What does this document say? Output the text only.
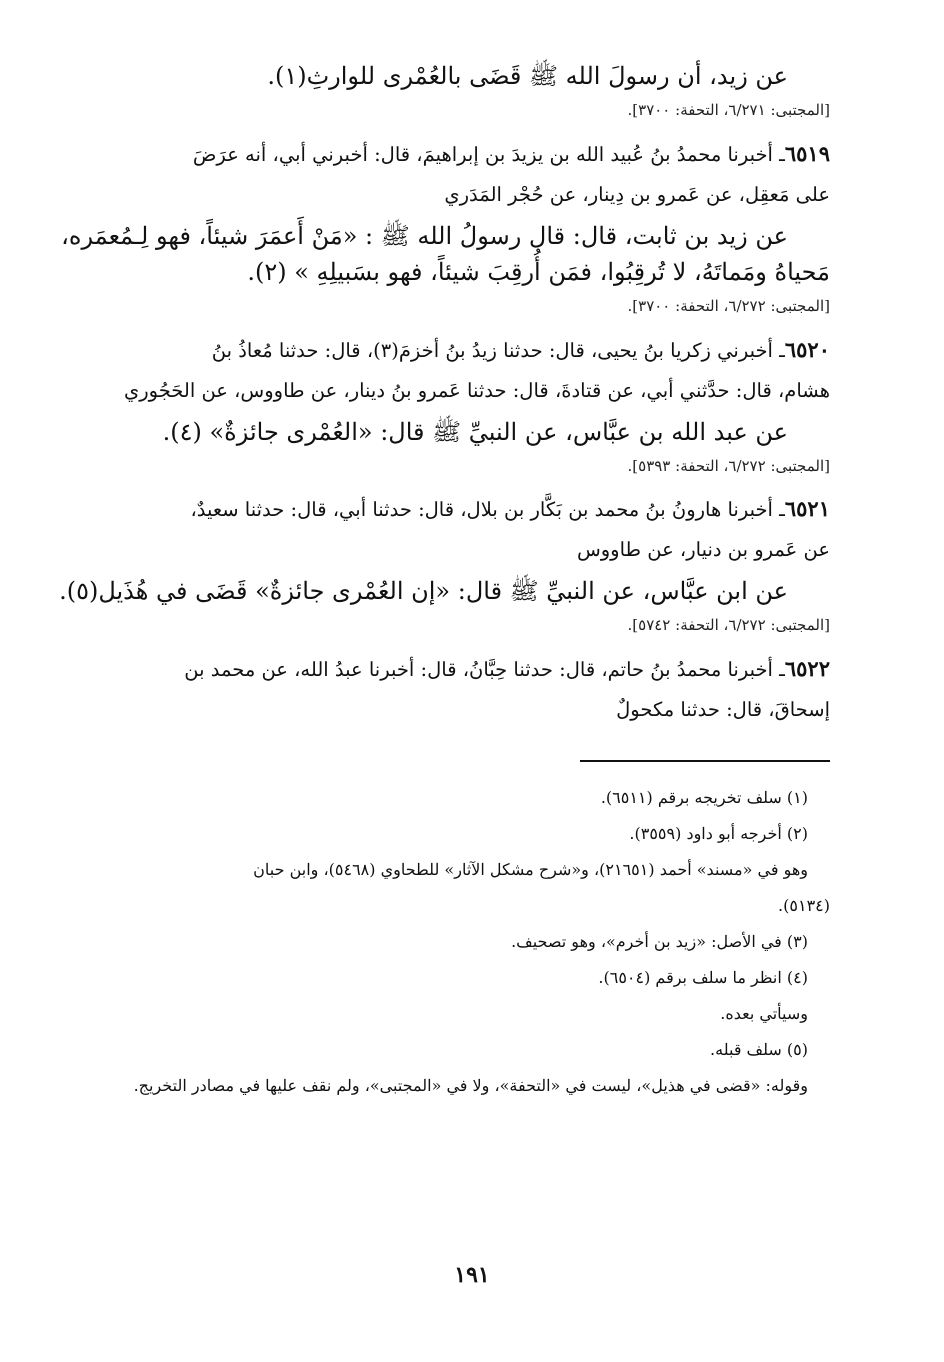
عن زيد، أن رسولَ الله ﷺ قَضَى بالعُمْرى للوارثِ(١).
[المجتبى: ٦/٢٧١، التحفة: ٣٧٠٠].
٦٥١٩ـ أخبرنا محمدُ بنُ عُبيد الله بن يزيدَ بن إبراهيمَ، قال: أخبرني أبي، أنه عرَضَ
على مَعقِل، عن عَمرو بن دِينار، عن حُجْر المَدَري
عن زيد بن ثابت، قال: قال رسولُ الله ﷺ : «مَنْ أَعمَرَ شيئاً، فهو لِـمُعمَره،
مَحياهُ ومَماتَهُ، لا تُرقِبُوا، فمَن أُرقِبَ شيئاً، فهو بسَبيلِهِ » (٢).
[المجتبى: ٦/٢٧٢، التحفة: ٣٧٠٠].
٦٥٢٠ـ أخبرني زكريا بنُ يحيى، قال: حدثنا زيدُ بنُ أخزمَ(٣)، قال: حدثنا مُعاذُ بنُ
هشام، قال: حدَّثني أبي، عن قتادةَ، قال: حدثنا عَمرو بنُ دينار، عن طاووس، عن الحَجُوري
عن عبد الله بن عبَّاس، عن النبيِّ ﷺ قال: «العُمْرى جائزةٌ» (٤).
[المجتبى: ٦/٢٧٢، التحفة: ٥٣٩٣].
٦٥٢١ـ أخبرنا هارونُ بنُ محمد بن بَكَّار بن بلال، قال: حدثنا أبي، قال: حدثنا سعيدٌ،
عن عَمرو بن دنيار، عن طاووس
عن ابن عبَّاس، عن النبيِّ ﷺ قال: «إن العُمْرى جائزةٌ» قَضَى في هُذَيل(٥).
[المجتبى: ٦/٢٧٢، التحفة: ٥٧٤٢].
٦٥٢٢ـ أخبرنا محمدُ بنُ حاتم، قال: حدثنا حِبَّانُ، قال: أخبرنا عبدُ الله، عن محمد بن
إسحاقَ، قال: حدثنا مكحولٌ
(١) سلف تخريجه برقم (٦٥١١).
(٢) أخرجه أبو داود (٣٥٥٩).
وهو في «مسند» أحمد (٢١٦٥١)، و«شرح مشكل الآثار» للطحاوي (٥٤٦٨)، وابن حبان
(٥١٣٤).
(٣) في الأصل: «زيد بن أخرم»، وهو تصحيف.
(٤) انظر ما سلف برقم (٦٥٠٤).
وسيأتي بعده.
(٥) سلف قبله.
وقوله: «قضى في هذيل»، ليست في «التحفة»، ولا في «المجتبى»، ولم نقف عليها في مصادر التخريج.
١٩١
